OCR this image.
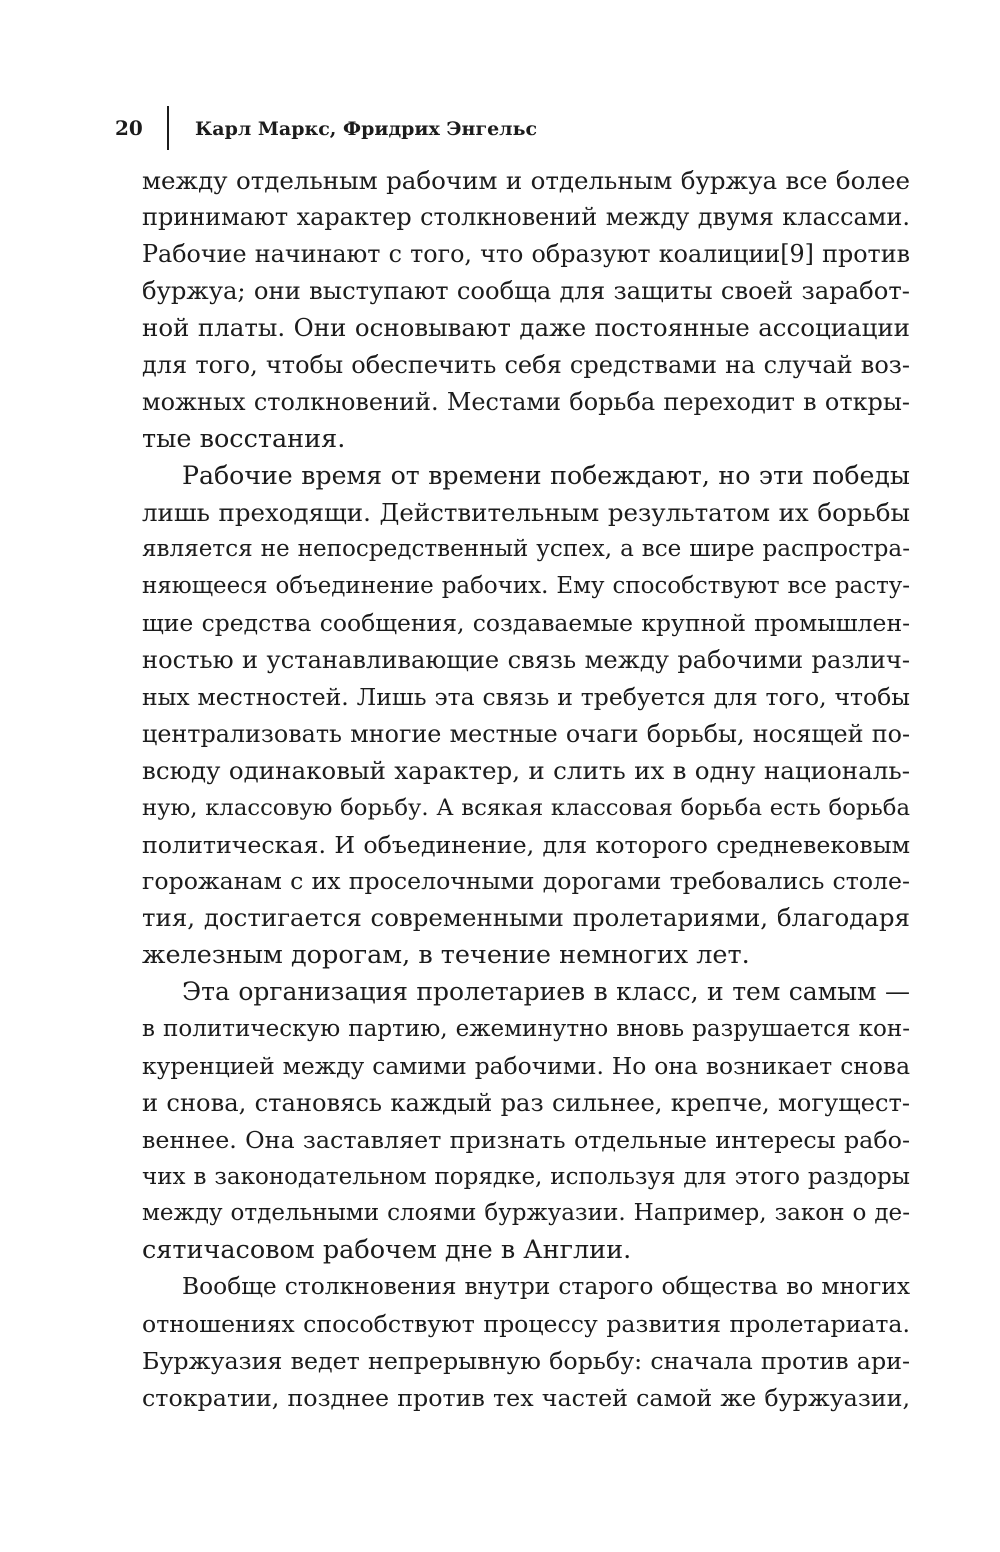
20	Карл Маркс, Фридрих Энгельс
между отдельным рабочим и отдельным буржуа все более
принимают характер столкновений между двумя классами.
Рабочие начинают с того, что образуют коалиции[9] против
буржуа; они выступают сообща для защиты своей заработ-
ной платы. Они основывают даже постоянные ассоциации
для того, чтобы обеспечить себя средствами на случай воз-
можных столкновений. Местами борьба переходит в откры-
тые восстания.
Рабочие время от времени побеждают, но эти победы
лишь преходящи. Действительным результатом их борьбы
является не непосредственный успех, а все шире распростра-
няющееся объединение рабочих. Ему способствуют все расту-
щие средства сообщения, создаваемые крупной промышлен-
ностью и устанавливающие связь между рабочими различ-
ных местностей. Лишь эта связь и требуется для того, чтобы
централизовать многие местные очаги борьбы, носящей по-
всюду одинаковый характер, и слить их в одну националь-
ную, классовую борьбу. А всякая классовая борьба есть борьба
политическая. И объединение, для которого средневековым
горожанам с их проселочными дорогами требовались столе-
тия, достигается современными пролетариями, благодаря
железным дорогам, в течение немногих лет.
Эта организация пролетариев в класс, и тем самым —
в политическую партию, ежеминутно вновь разрушается кон-
куренцией между самими рабочими. Но она возникает снова
и снова, становясь каждый раз сильнее, крепче, могущест-
веннее. Она заставляет признать отдельные интересы рабо-
чих в законодательном порядке, используя для этого раздоры
между отдельными слоями буржуазии. Например, закон о де-
сятичасовом рабочем дне в Англии.
Вообще столкновения внутри старого общества во многих
отношениях способствуют процессу развития пролетариата.
Буржуазия ведет непрерывную борьбу: сначала против ари-
стократии, позднее против тех частей самой же буржуазии,
